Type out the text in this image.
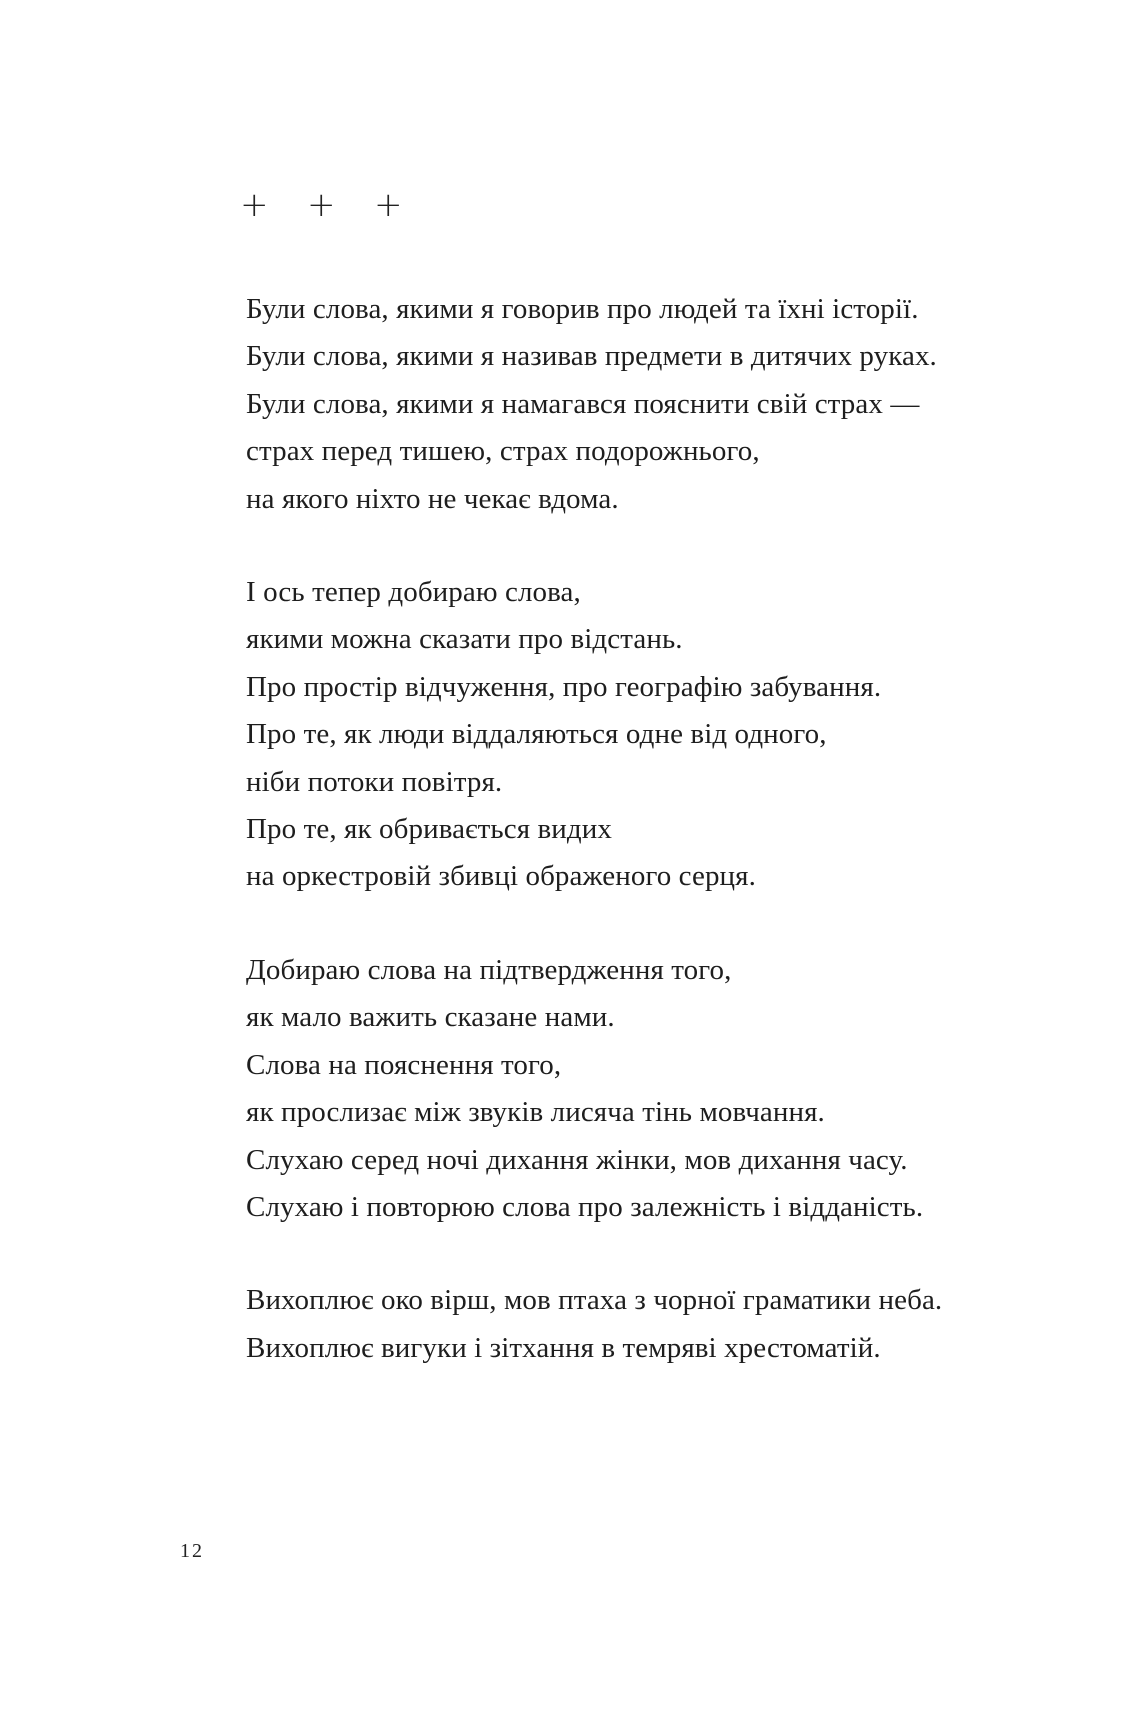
+	+	+
Були слова, якими я говорив про людей та їхні історії.
Були слова, якими я називав предмети в дитячих руках.
Були слова, якими я намагався пояснити свій страх —
страх перед тишею, страх подорожнього,
на якого ніхто не чекає вдома.
І ось тепер добираю слова,
якими можна сказати про відстань.
Про простір відчуження, про географію забування.
Про те, як люди віддаляються одне від одного,
ніби потоки повітря.
Про те, як обривається видих
на оркестровій збивці ображеного серця.
Добираю слова на підтвердження того,
як мало важить сказане нами.
Слова на пояснення того,
як прослизає між звуків лисяча тінь мовчання.
Слухаю серед ночі дихання жінки, мов дихання часу.
Слухаю і повторюю слова про залежність і відданість.
Вихоплює око вірш, мов птаха з чорної граматики неба.
Вихоплює вигуки і зітхання в темряві хрестоматій.
12
